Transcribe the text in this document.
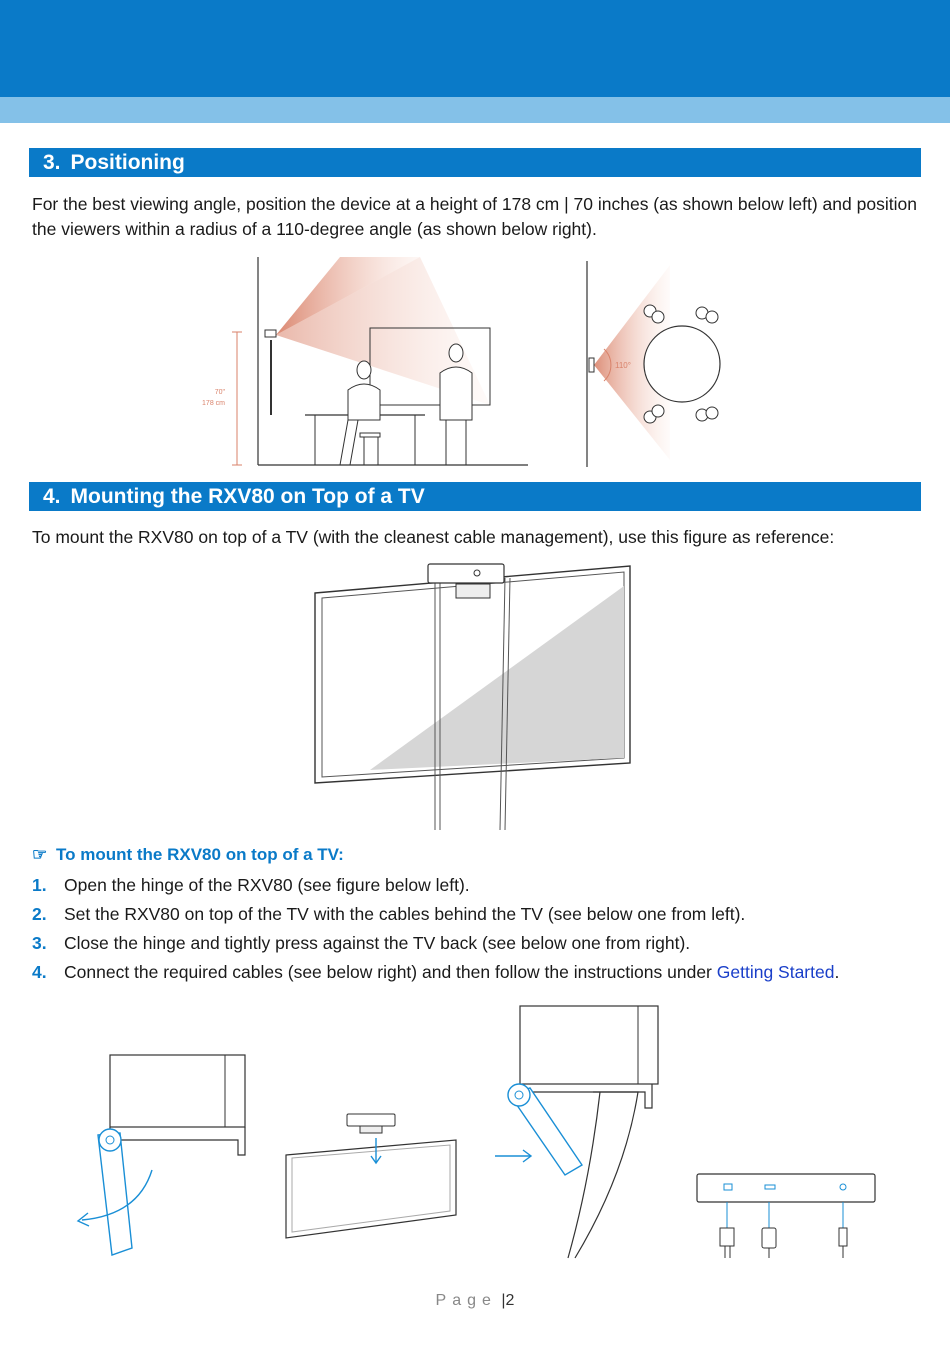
3. Positioning
For the best viewing angle, position the device at a height of 178 cm | 70 inches (as shown below left) and position the viewers within a radius of a 110-degree angle (as shown below right).
70"
178 cm
110°
4. Mounting the RXV80 on Top of a TV
To mount the RXV80 on top of a TV (with the cleanest cable management), use this figure as reference:
☞ To mount the RXV80 on top of a TV:
1. Open the hinge of the RXV80 (see figure below left).
2. Set the RXV80 on top of the TV with the cables behind the TV (see below one from left).
3. Close the hinge and tightly press against the TV back (see below one from right).
4. Connect the required cables (see below right) and then follow the instructions under Getting Started.
Page |2
